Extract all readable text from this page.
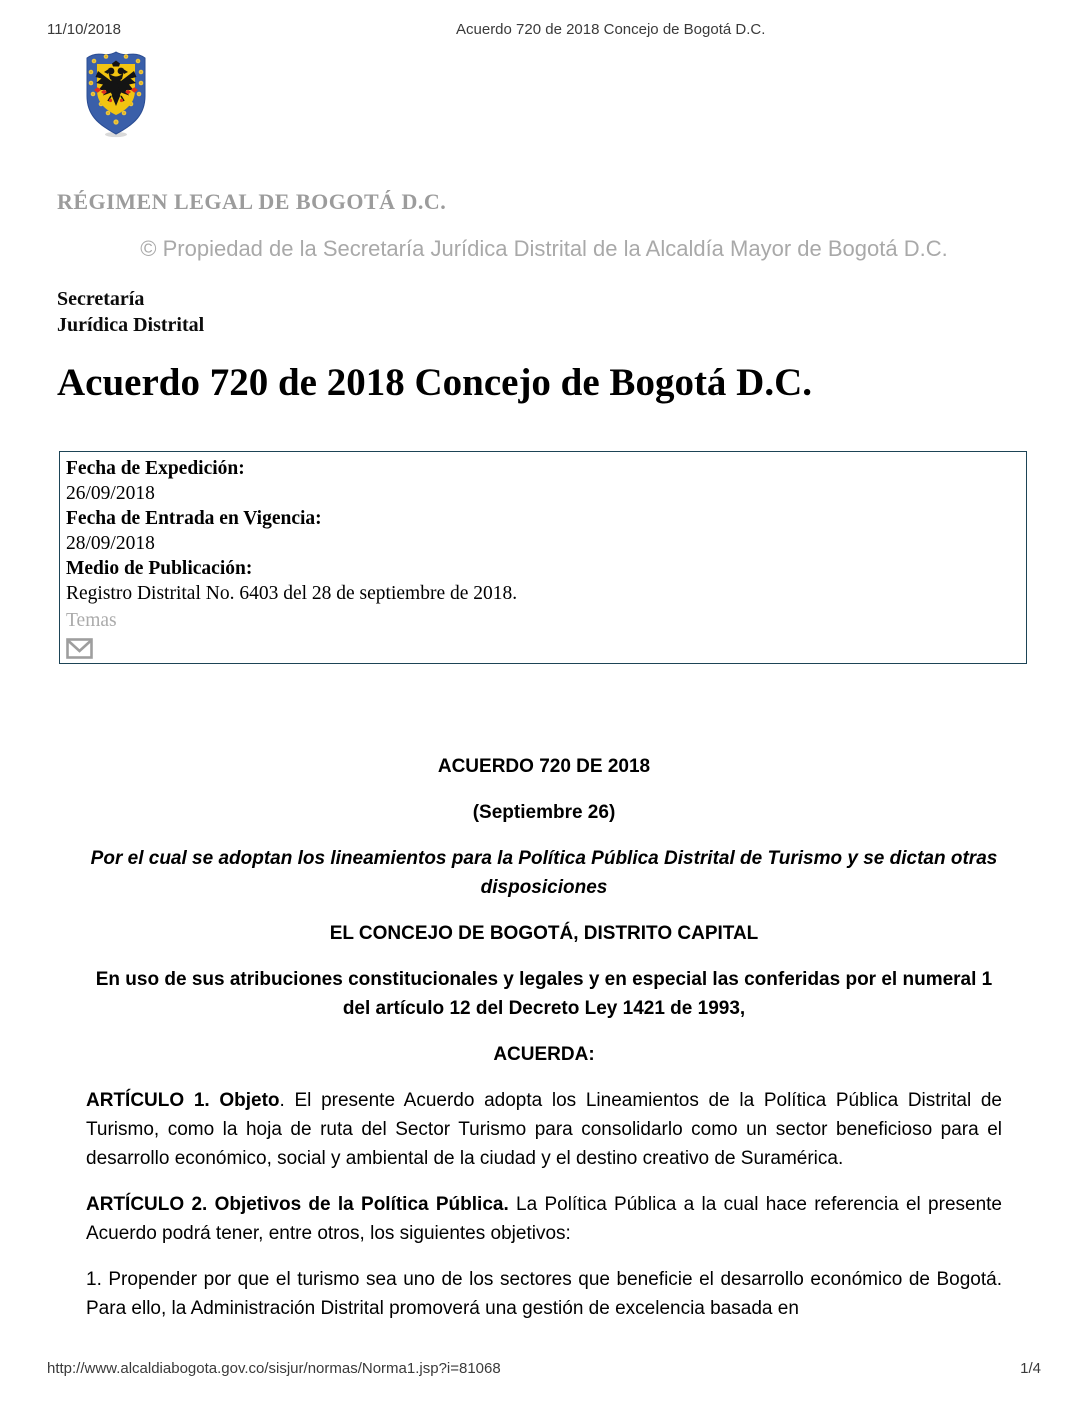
11/10/2018	Acuerdo 720 de 2018 Concejo de Bogotá D.C.
RÉGIMEN LEGAL DE BOGOTÁ D.C.
© Propiedad de la Secretaría Jurídica Distrital de la Alcaldía Mayor de Bogotá D.C.
Secretaría
Jurídica Distrital
Acuerdo 720 de 2018 Concejo de Bogotá D.C.
Fecha de Expedición:
26/09/2018
Fecha de Entrada en Vigencia:
28/09/2018
Medio de Publicación:
Registro Distrital No. 6403 del 28 de septiembre de 2018.
Temas

ACUERDO 720 DE 2018

(Septiembre 26)

Por el cual se adoptan los lineamientos para la Política Pública Distrital de Turismo y se dictan otras disposiciones

EL CONCEJO DE BOGOTÁ, DISTRITO CAPITAL

En uso de sus atribuciones constitucionales y legales y en especial las conferidas por el numeral 1 del artículo 12 del Decreto Ley 1421 de 1993,

ACUERDA:

ARTÍCULO 1. Objeto. El presente Acuerdo adopta los Lineamientos de la Política Pública Distrital de Turismo, como la hoja de ruta del Sector Turismo para consolidarlo como un sector beneficioso para el desarrollo económico, social y ambiental de la ciudad y el destino creativo de Suramérica.

ARTÍCULO 2. Objetivos de la Política Pública. La Política Pública a la cual hace referencia el presente Acuerdo podrá tener, entre otros, los siguientes objetivos:

1. Propender por que el turismo sea uno de los sectores que beneficie el desarrollo económico de Bogotá. Para ello, la Administración Distrital promoverá una gestión de excelencia basada en

http://www.alcaldiabogota.gov.co/sisjur/normas/Norma1.jsp?i=81068	1/4
